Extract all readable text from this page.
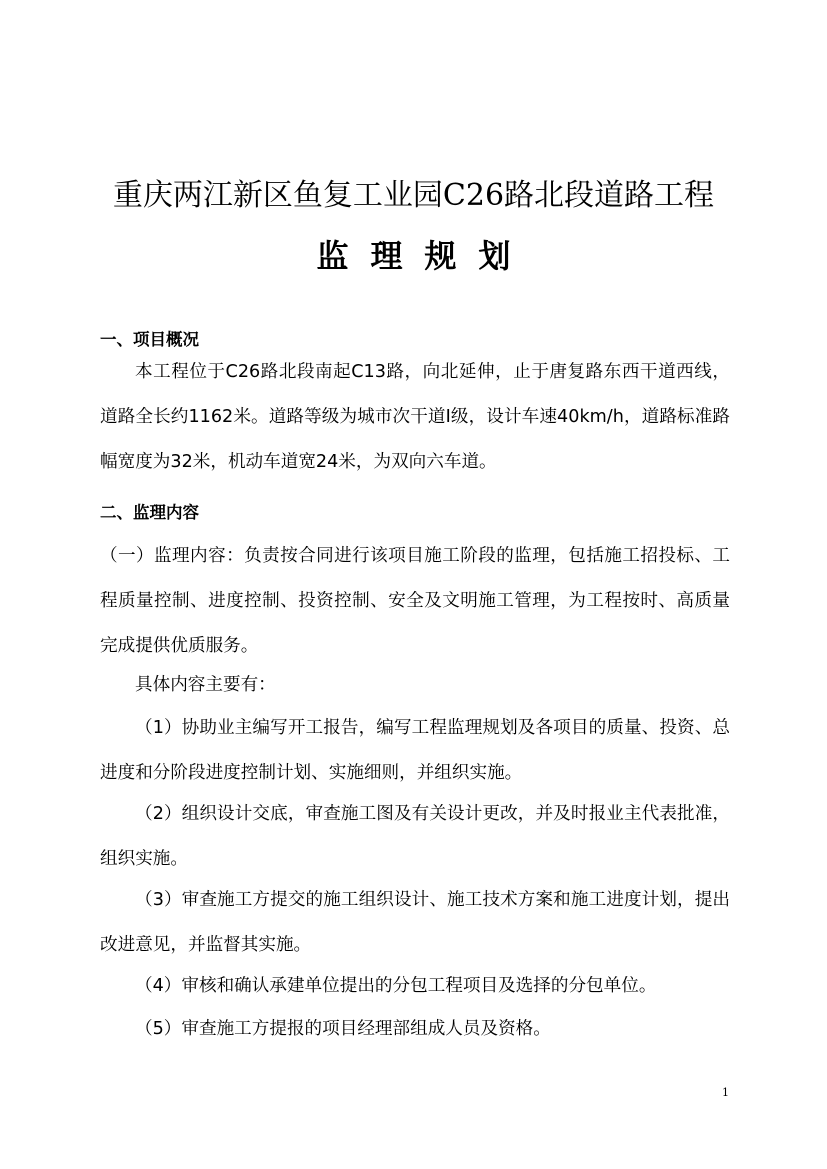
重庆两江新区鱼复工业园C26路北段道路工程
监理规划

一、项目概况

本工程位于C26路北段南起C13路，向北延伸，止于唐复路东西干道西线，道路全长约1162米。道路等级为城市次干道Ⅰ级，设计车速40km/h，道路标准路幅宽度为32米，机动车道宽24米，为双向六车道。

二、监理内容

（一）监理内容：负责按合同进行该项目施工阶段的监理，包括施工招投标、工程质量控制、进度控制、投资控制、安全及文明施工管理，为工程按时、高质量完成提供优质服务。

具体内容主要有：

（1）协助业主编写开工报告，编写工程监理规划及各项目的质量、投资、总进度和分阶段进度控制计划、实施细则，并组织实施。

（2）组织设计交底，审查施工图及有关设计更改，并及时报业主代表批准，组织实施。

（3）审查施工方提交的施工组织设计、施工技术方案和施工进度计划，提出改进意见，并监督其实施。

（4）审核和确认承建单位提出的分包工程项目及选择的分包单位。

（5）审查施工方提报的项目经理部组成人员及资格。

1
